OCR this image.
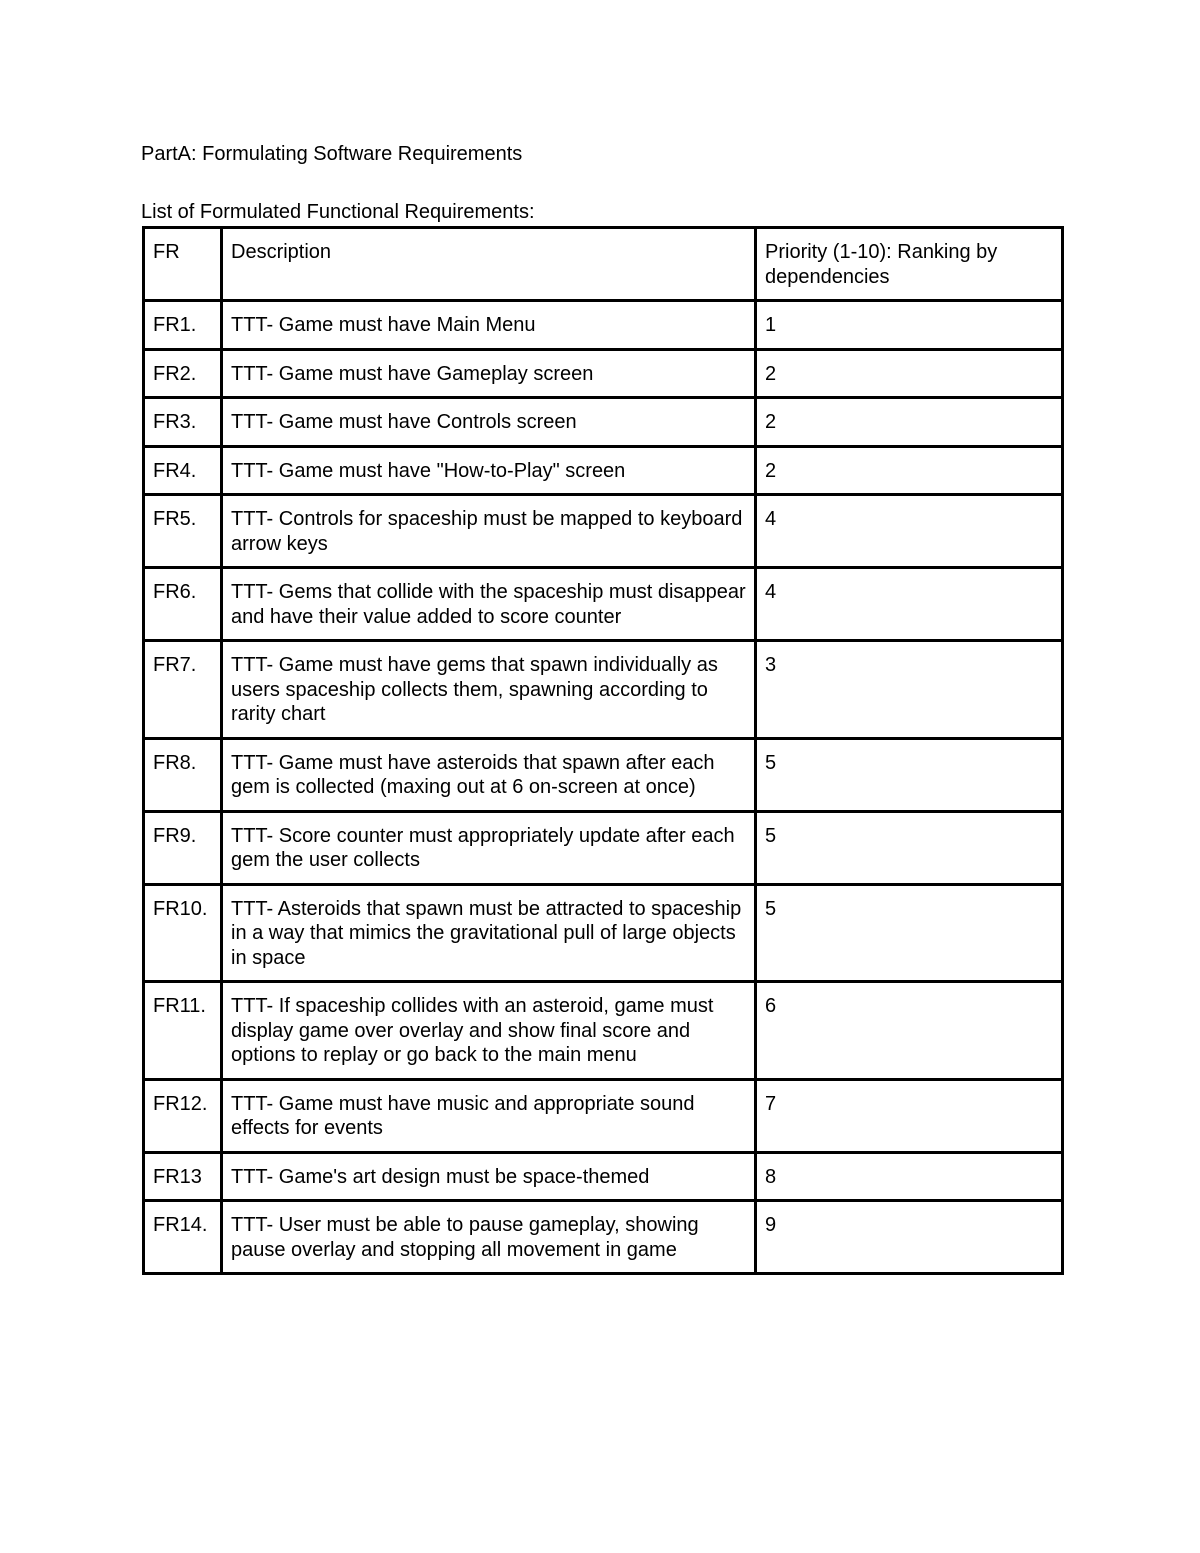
PartA: Formulating Software Requirements
List of Formulated Functional Requirements:
FR	Description	Priority (1-10): Ranking by dependencies
FR1.	TTT- Game must have Main Menu	1
FR2.	TTT- Game must have Gameplay screen	2
FR3.	TTT- Game must have Controls screen	2
FR4.	TTT- Game must have "How-to-Play" screen	2
FR5.	TTT- Controls for spaceship must be mapped to keyboard arrow keys	4
FR6.	TTT- Gems that collide with the spaceship must disappear and have their value added to score counter	4
FR7.	TTT- Game must have gems that spawn individually as users spaceship collects them, spawning according to rarity chart	3
FR8.	TTT- Game must have asteroids that spawn after each gem is collected (maxing out at 6 on-screen at once)	5
FR9.	TTT- Score counter must appropriately update after each gem the user collects	5
FR10.	TTT- Asteroids that spawn must be attracted to spaceship in a way that mimics the gravitational pull of large objects in space	5
FR11.	TTT- If spaceship collides with an asteroid, game must display game over overlay and show final score and options to replay or go back to the main menu	6
FR12.	TTT- Game must have music and appropriate sound effects for events	7
FR13	TTT- Game's art design must be space-themed	8
FR14.	TTT- User must be able to pause gameplay, showing pause overlay and stopping all movement in game	9
